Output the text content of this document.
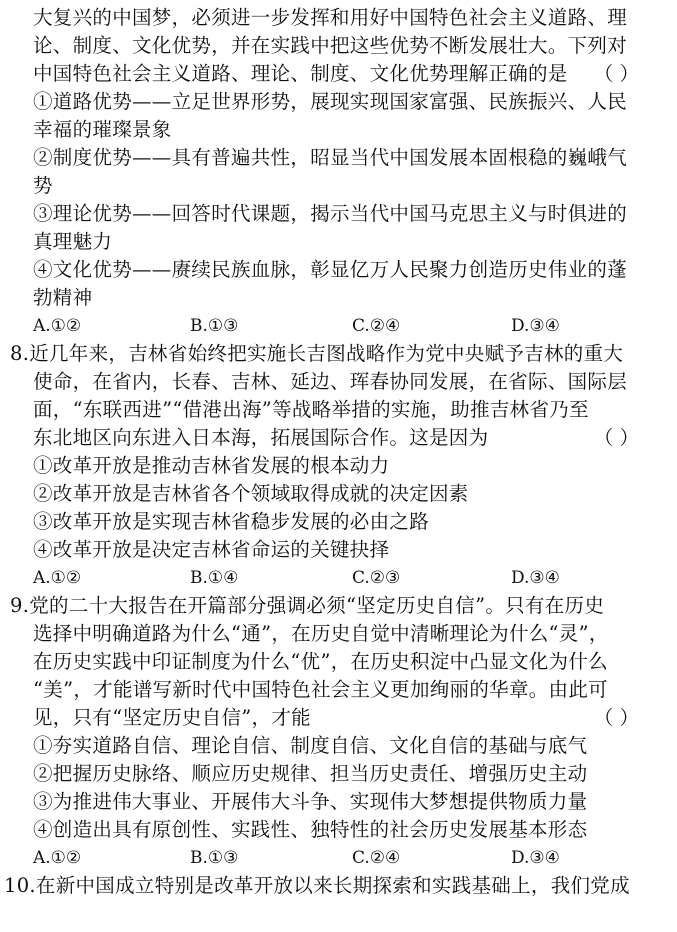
大复兴的中国梦，必须进一步发挥和用好中国特色社会主义道路、理
论、制度、文化优势，并在实践中把这些优势不断发展壮大。下列对
中国特色社会主义道路、理论、制度、文化优势理解正确的是 （ ）
①道路优势——立足世界形势，展现实现国家富强、民族振兴、人民
幸福的璀璨景象
②制度优势——具有普遍共性，昭显当代中国发展本固根稳的巍峨气
势
③理论优势——回答时代课题，揭示当代中国马克思主义与时俱进的
真理魅力
④文化优势——赓续民族血脉，彰显亿万人民聚力创造历史伟业的蓬
勃精神
A.①②	B.①③	C.②④	D.③④
8.近几年来，吉林省始终把实施长吉图战略作为党中央赋予吉林的重大
使命，在省内，长春、吉林、延边、珲春协同发展，在省际、国际层
面，“东联西进”“借港出海”等战略举措的实施，助推吉林省乃至
东北地区向东进入日本海，拓展国际合作。这是因为	（ ）
①改革开放是推动吉林省发展的根本动力
②改革开放是吉林省各个领域取得成就的决定因素
③改革开放是实现吉林省稳步发展的必由之路
④改革开放是决定吉林省命运的关键抉择
A.①②	B.①④	C.②③	D.③④
9.党的二十大报告在开篇部分强调必须“坚定历史自信”。只有在历史
选择中明确道路为什么“通”，在历史自觉中清晰理论为什么“灵”，
在历史实践中印证制度为什么“优”，在历史积淀中凸显文化为什么
“美”，才能谱写新时代中国特色社会主义更加绚丽的华章。由此可
见，只有“坚定历史自信”，才能	（ ）
①夯实道路自信、理论自信、制度自信、文化自信的基础与底气
②把握历史脉络、顺应历史规律、担当历史责任、增强历史主动
③为推进伟大事业、开展伟大斗争、实现伟大梦想提供物质力量
④创造出具有原创性、实践性、独特性的社会历史发展基本形态
A.①②	B.①③	C.②④	D.③④
10.在新中国成立特别是改革开放以来长期探索和实践基础上，我们党成
